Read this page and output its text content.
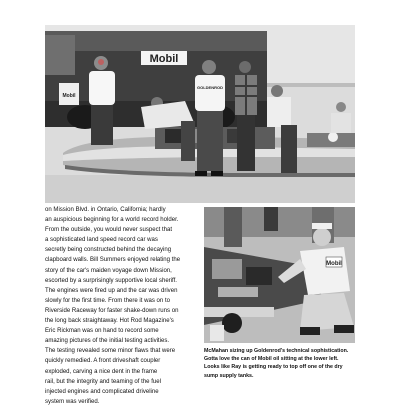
Mobil
Mobil
GOLDENROD
on Mission Blvd. in Ontario, California; hardly
an auspicious beginning for a world record holder.
From the outside, you would never suspect that
a sophisticated land speed record car was
secretly being constructed behind the decaying
clapboard walls. Bill Summers enjoyed relating the
story of the car's maiden voyage down Mission,
escorted by a surprisingly supportive local sheriff.
The engines were fired up and the car was driven
slowly for the first time. From there it was on to
Riverside Raceway for faster shake-down runs on
the long back straightaway. Hot Rod Magazine's
Eric Rickman was on hand to record some
amazing pictures of the initial testing activities.
The testing revealed some minor flaws that were
quickly remedied. A front driveshaft coupler
exploded, carving a nice dent in the frame
rail, but the integrity and teaming of the fuel
injected engines and complicated driveline
system was verified.
Mobil
McMahan sizing up Goldenrod's technical sophistication.
Gotta love the can of Mobil oil sitting at the lower left.
Looks like Ray is getting ready to top off one of the dry
sump supply tanks.
